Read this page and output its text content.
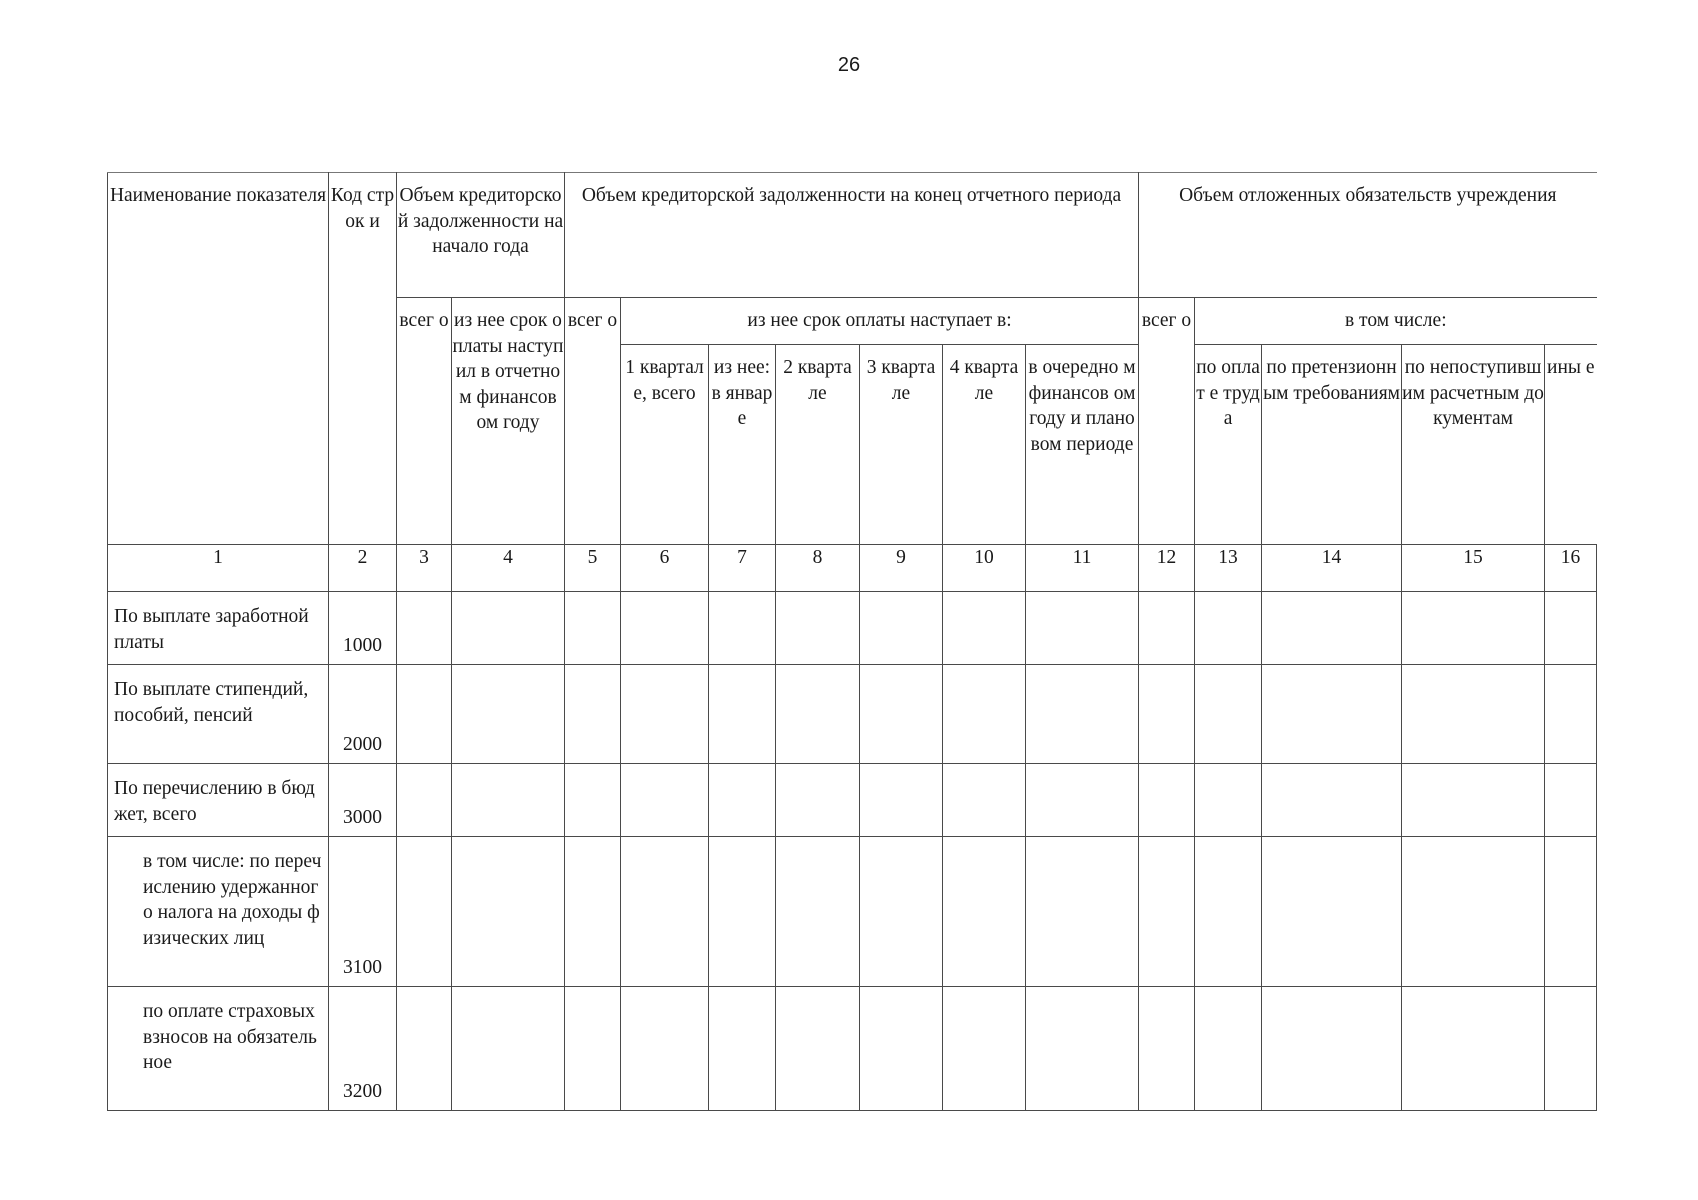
26
Наименование показателя	Код строк и	Объем кредиторской задолженности на начало года		Объем кредиторской задолженности на конец отчетного периода							Объем отложенных обязательств учреждения				
		всег о	из нее срок оплаты наступил в отчетном финансов ом году	всег о	из нее срок оплаты наступает в:						всег о	в том числе:			
					1 квартал е, всего	из нее: в январ е	2 кварта ле	3 кварта ле	4 кварта ле	в очередно м финансов ом году и плановом периоде		по оплат е труда	по претензионн ым требованиям	по непоступивш им расчетным документам	ины е
1	2	3	4	5	6	7	8	9	10	11	12	13	14	15	16
По выплате заработной платы	1000														
По выплате стипендий, пособий, пенсий	2000														
По перечислению в бюджет, всего	3000														
в том числе: по перечислению удержанного налога на доходы физических лиц	3100														
по оплате страховых взносов на обязательное	3200														
